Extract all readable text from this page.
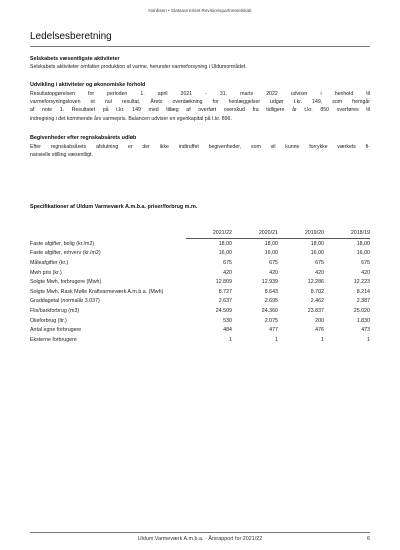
Nordisen • Statsaut eriset Revisionspartnerselskab
Ledelsesberetning
Selskabets væsentligste aktiviteter
Selskabets aktiviteter omfatter produktion af varme, herunder varmeforsyning i Uldumområdet.
Udvikling i aktiviteter og økonomiske forhold
Resultatopgørelsen for perioden 1. april 2021 - 31. marts 2022 udviser i henhold til
varmeforsyningsloven et nul resultat. Årets overdækning for henlæggelser udgør t.kr. 149, som fremgår
af note 1. Resultatet på t.kr. 149 med tillæg af overført overskud fra tidligere år t.kr. 850 overføres til
indregning i det kommende års varmepris. Balancen udviser en egenkapital på t.kr. 896.
Begivenheder efter regnskabsårets udløb
Efter regnskabsårets afslutning er der ikke indtruffet begivenheder, som vil kunne forrykke værkets fi-
nansielle stilling væsentligt.
Specifikationer af Uldum Varmeværk A.m.b.a. priser/forbrug m.m.
	2021/22	2020/21	2019/20	2018/19
Faste afgifter, bolig (kr./m2)	18,00	18,00	18,00	18,00
Faste afgifter, erhverv (kr./m2)	16,00	16,00	16,00	16,00
Måleafgifter (kr.)	675	675	675	675
Mwh pris (kr.)	420	420	420	420
Solgte Mwh, forbrugere (Mwh)	12.809	12.939	12.286	12.223
Solgte Mwh, Rask Mølle Kraftvarmeværk A.m.b.a. (Mwh)	8.727	8.643	8.702	8.214
Graddagetal (normalår 3.037)	2.637	2.695	2.462	2.387
Flis/barkforbrug (m3)	24.509	24.360	23.837	25.020
Olieforbrug (ltr.)	530	2.075	200	1.830
Antal egne forbrugere	484	477	476	473
Eksterne forbrugere	1	1	1	1
Uldum Varmeværk A.m.b.a. · Årsrapport for 2021/22	6
